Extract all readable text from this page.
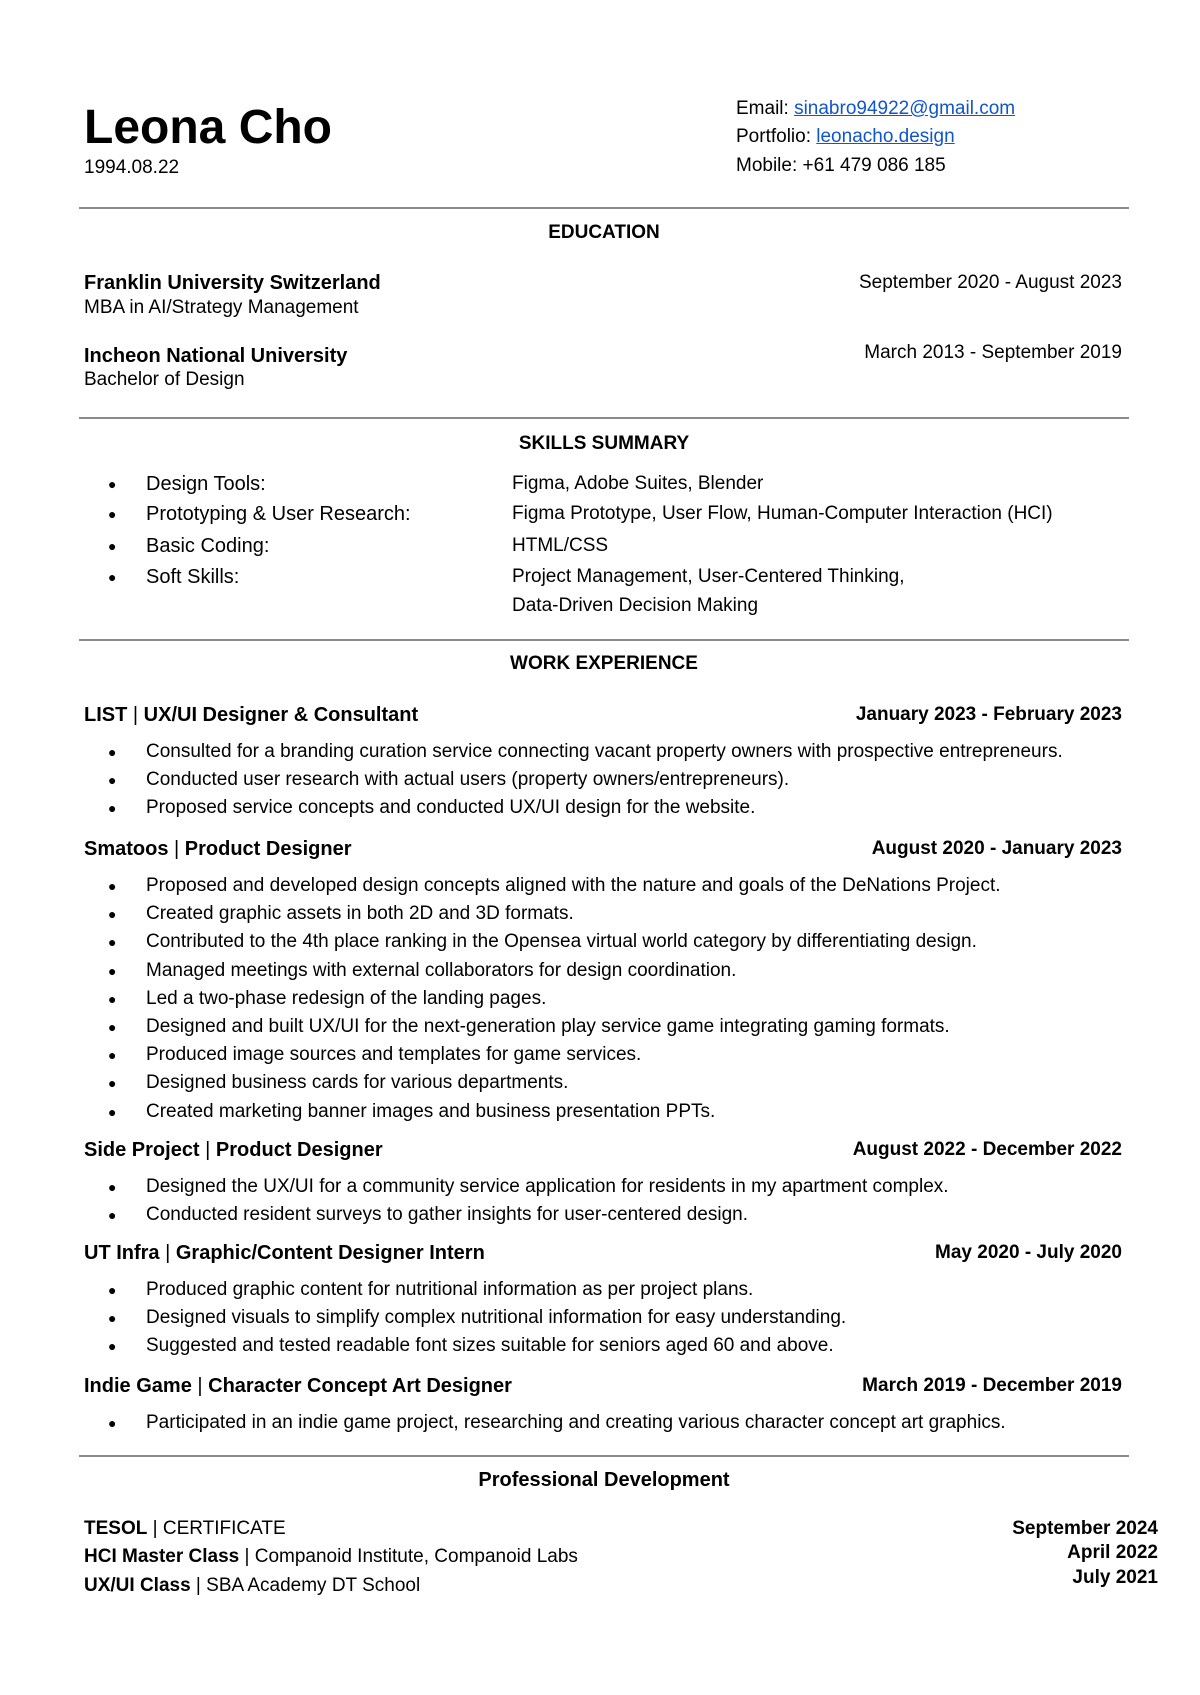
Leona Cho
1994.08.22
Email: sinabro94922@gmail.com
Portfolio: leonacho.design
Mobile: +61 479 086 185
EDUCATION
Franklin University Switzerland
MBA in AI/Strategy Management
September 2020 - August 2023
Incheon National University
Bachelor of Design
March 2013 - September 2019
SKILLS SUMMARY
WORK EXPERIENCE
Professional Development
● Design Tools:	Figma, Adobe Suites, Blender
● Prototyping & User Research:	Figma Prototype, User Flow, Human-Computer Interaction (HCI)
● Basic Coding:	HTML/CSS
● Soft Skills:	Project Management, User-Centered Thinking,
Data-Driven Decision Making
LIST | UX/UI Designer & Consultant	January 2023 - February 2023
● Consulted for a branding curation service connecting vacant property owners with prospective entrepreneurs.
● Conducted user research with actual users (property owners/entrepreneurs).
● Proposed service concepts and conducted UX/UI design for the website.
Smatoos | Product Designer	August 2020 - January 2023
● Proposed and developed design concepts aligned with the nature and goals of the DeNations Project.
● Created graphic assets in both 2D and 3D formats.
● Contributed to the 4th place ranking in the Opensea virtual world category by differentiating design.
● Managed meetings with external collaborators for design coordination.
● Led a two-phase redesign of the landing pages.
● Designed and built UX/UI for the next-generation play service game integrating gaming formats.
● Produced image sources and templates for game services.
● Designed business cards for various departments.
● Created marketing banner images and business presentation PPTs.
Side Project | Product Designer	August 2022 - December 2022
● Designed the UX/UI for a community service application for residents in my apartment complex.
● Conducted resident surveys to gather insights for user-centered design.
UT Infra | Graphic/Content Designer Intern	May 2020 - July 2020
● Produced graphic content for nutritional information as per project plans.
● Designed visuals to simplify complex nutritional information for easy understanding.
● Suggested and tested readable font sizes suitable for seniors aged 60 and above.
Indie Game | Character Concept Art Designer	March 2019 - December 2019
● Participated in an indie game project, researching and creating various character concept art graphics.
TESOL | CERTIFICATE	September 2024
HCI Master Class | Companoid Institute, Companoid Labs	April 2022
UX/UI Class | SBA Academy DT School	July 2021
